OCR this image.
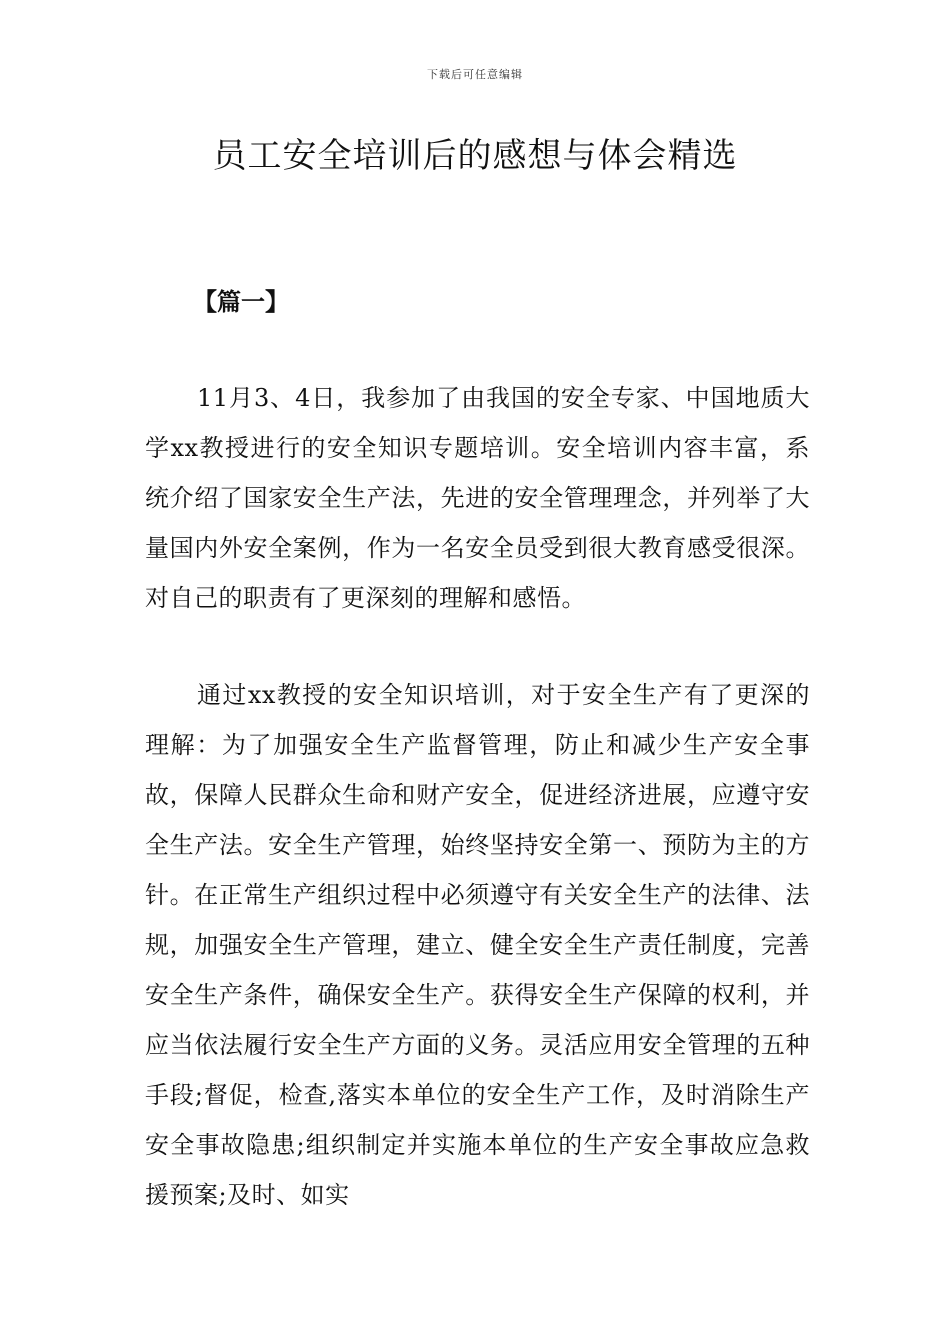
下载后可任意编辑
员工安全培训后的感想与体会精选
【篇一】

11月3、4日，我参加了由我国的安全专家、中国地质大学xx教授进行的安全知识专题培训。安全培训内容丰富，系统介绍了国家安全生产法，先进的安全管理理念，并列举了大量国内外安全案例，作为一名安全员受到很大教育感受很深。对自己的职责有了更深刻的理解和感悟。

通过xx教授的安全知识培训，对于安全生产有了更深的理解：为了加强安全生产监督管理，防止和减少生产安全事故，保障人民群众生命和财产安全，促进经济进展，应遵守安全生产法。安全生产管理，始终坚持安全第一、预防为主的方针。在正常生产组织过程中必须遵守有关安全生产的法律、法规，加强安全生产管理，建立、健全安全生产责任制度，完善安全生产条件，确保安全生产。获得安全生产保障的权利，并应当依法履行安全生产方面的义务。灵活应用安全管理的五种手段;督促，检查,落实本单位的安全生产工作，及时消除生产安全事故隐患;组织制定并实施本单位的生产安全事故应急救援预案;及时、如实
